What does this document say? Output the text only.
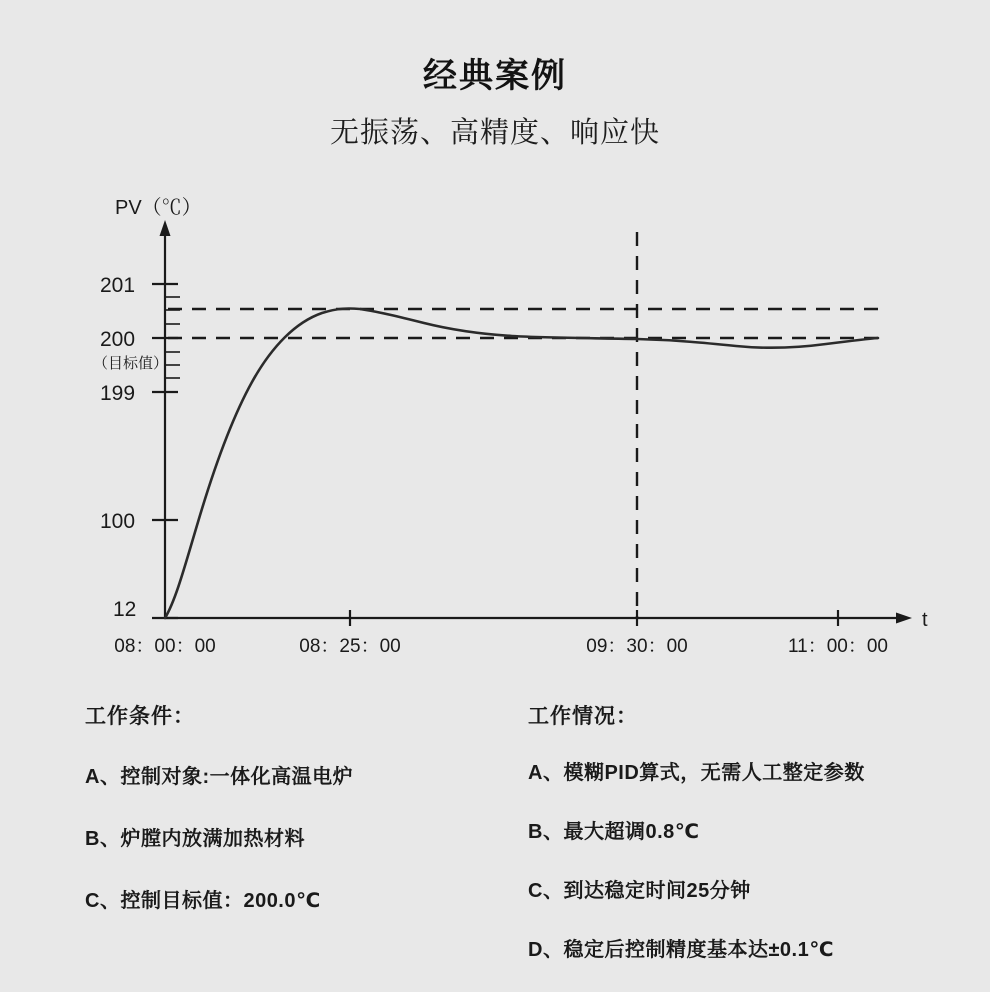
经典案例
无振荡、高精度、响应快
PV（℃）
t
201
200
（目标值）
199
100
12
08：00：00	08：25：00	09：30：00	11：00：00
工作条件：
A、控制对象:一体化高温电炉
B、炉膛内放满加热材料
C、控制目标值：200.0℃
工作情况：
A、模糊PID算式，无需人工整定参数
B、最大超调0.8℃
C、到达稳定时间25分钟
D、稳定后控制精度基本达±0.1℃
